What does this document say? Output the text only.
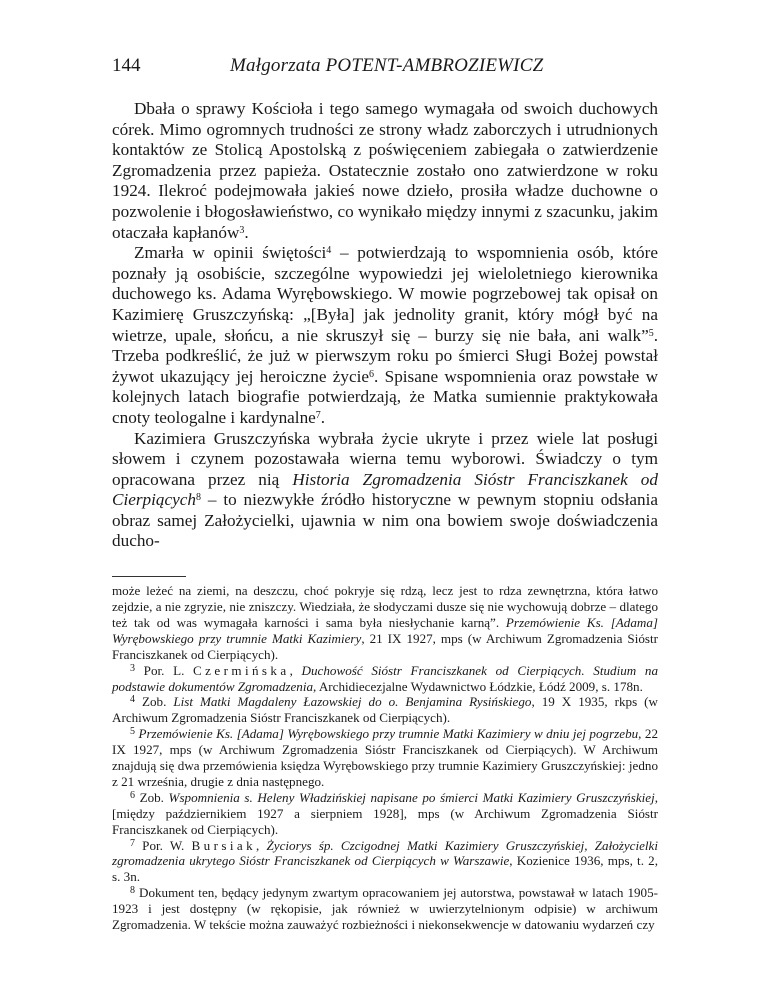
144	Małgorzata POTENT-AMBROZIEWICZ

Dbała o sprawy Kościoła i tego samego wymagała od swoich duchowych córek. Mimo ogromnych trudności ze strony władz zaborczych i utrudnionych kontaktów ze Stolicą Apostolską z poświęceniem zabiegała o zatwierdzenie Zgromadzenia przez papieża. Ostatecznie zostało ono zatwierdzone w roku 1924. Ilekroć podejmowała jakieś nowe dzieło, prosiła władze duchowne o pozwolenie i błogosławieństwo, co wynikało między innymi z szacunku, jakim otaczała kapłanów$^3$.

Zmarła w opinii świętości$^4$ – potwierdzają to wspomnienia osób, które poznały ją osobiście, szczególne wypowiedzi jej wieloletniego kierownika duchowego ks. Adama Wyrębowskiego. W mowie pogrzebowej tak opisał on Kazimierę Gruszczyńską: „[Była] jak jednolity granit, który mógł być na wietrze, upale, słońcu, a nie skruszył się – burzy się nie bała, ani walk”$^5$. Trzeba podkreślić, że już w pierwszym roku po śmierci Sługi Bożej powstał żywot ukazujący jej heroiczne życie$^6$. Spisane wspomnienia oraz powstałe w kolejnych latach biografie potwierdzają, że Matka sumiennie praktykowała cnoty teologalne i kardynalne$^7$.

Kazimiera Gruszczyńska wybrała życie ukryte i przez wiele lat posługi słowem i czynem pozostawała wierna temu wyborowi. Świadczy o tym opracowana przez nią Historia Zgromadzenia Sióstr Franciszkanek od Cierpiących$^8$ – to niezwykłe źródło historyczne w pewnym stopniu odsłania obraz samej Założycielki, ujawnia w nim ona bowiem swoje doświadczenia ducho-

może leżeć na ziemi, na deszczu, choć pokryje się rdzą, lecz jest to rdza zewnętrzna, która łatwo zejdzie, a nie zgryzie, nie zniszczy. Wiedziała, że słodyczami dusze się nie wychowują dobrze – dlatego też tak od was wymagała karności i sama była niesłychanie karną”. Przemówienie Ks. [Adama] Wyrębowskiego przy trumnie Matki Kazimiery, 21 IX 1927, mps (w Archiwum Zgromadzenia Sióstr Franciszkanek od Cierpiących).

$^3$ Por. L. Czermińska, Duchowość Sióstr Franciszkanek od Cierpiących. Studium na podstawie dokumentów Zgromadzenia, Archidiecezjalne Wydawnictwo Łódzkie, Łódź 2009, s. 178n.

$^4$ Zob. List Matki Magdaleny Łazowskiej do o. Benjamina Rysińskiego, 19 X 1935, rkps (w Archiwum Zgromadzenia Sióstr Franciszkanek od Cierpiących).

$^5$ Przemówienie Ks. [Adama] Wyrębowskiego przy trumnie Matki Kazimiery w dniu jej pogrzebu, 22 IX 1927, mps (w Archiwum Zgromadzenia Sióstr Franciszkanek od Cierpiących). W Archiwum znajdują się dwa przemówienia księdza Wyrębowskiego przy trumnie Kazimiery Gruszczyńskiej: jedno z 21 września, drugie z dnia następnego.

$^6$ Zob. Wspomnienia s. Heleny Władzińskiej napisane po śmierci Matki Kazimiery Gruszczyńskiej, [między październikiem 1927 a sierpniem 1928], mps (w Archiwum Zgromadzenia Sióstr Franciszkanek od Cierpiących).

$^7$ Por. W. Bursiak, Życiorys śp. Czcigodnej Matki Kazimiery Gruszczyńskiej, Założycielki zgromadzenia ukrytego Sióstr Franciszkanek od Cierpiących w Warszawie, Kozienice 1936, mps, t. 2, s. 3n.

$^8$ Dokument ten, będący jedynym zwartym opracowaniem jej autorstwa, powstawał w latach 1905-1923 i jest dostępny (w rękopisie, jak również w uwierzytelnionym odpisie) w archiwum Zgromadzenia. W tekście można zauważyć rozbieżności i niekonsekwencje w datowaniu wydarzeń czy
